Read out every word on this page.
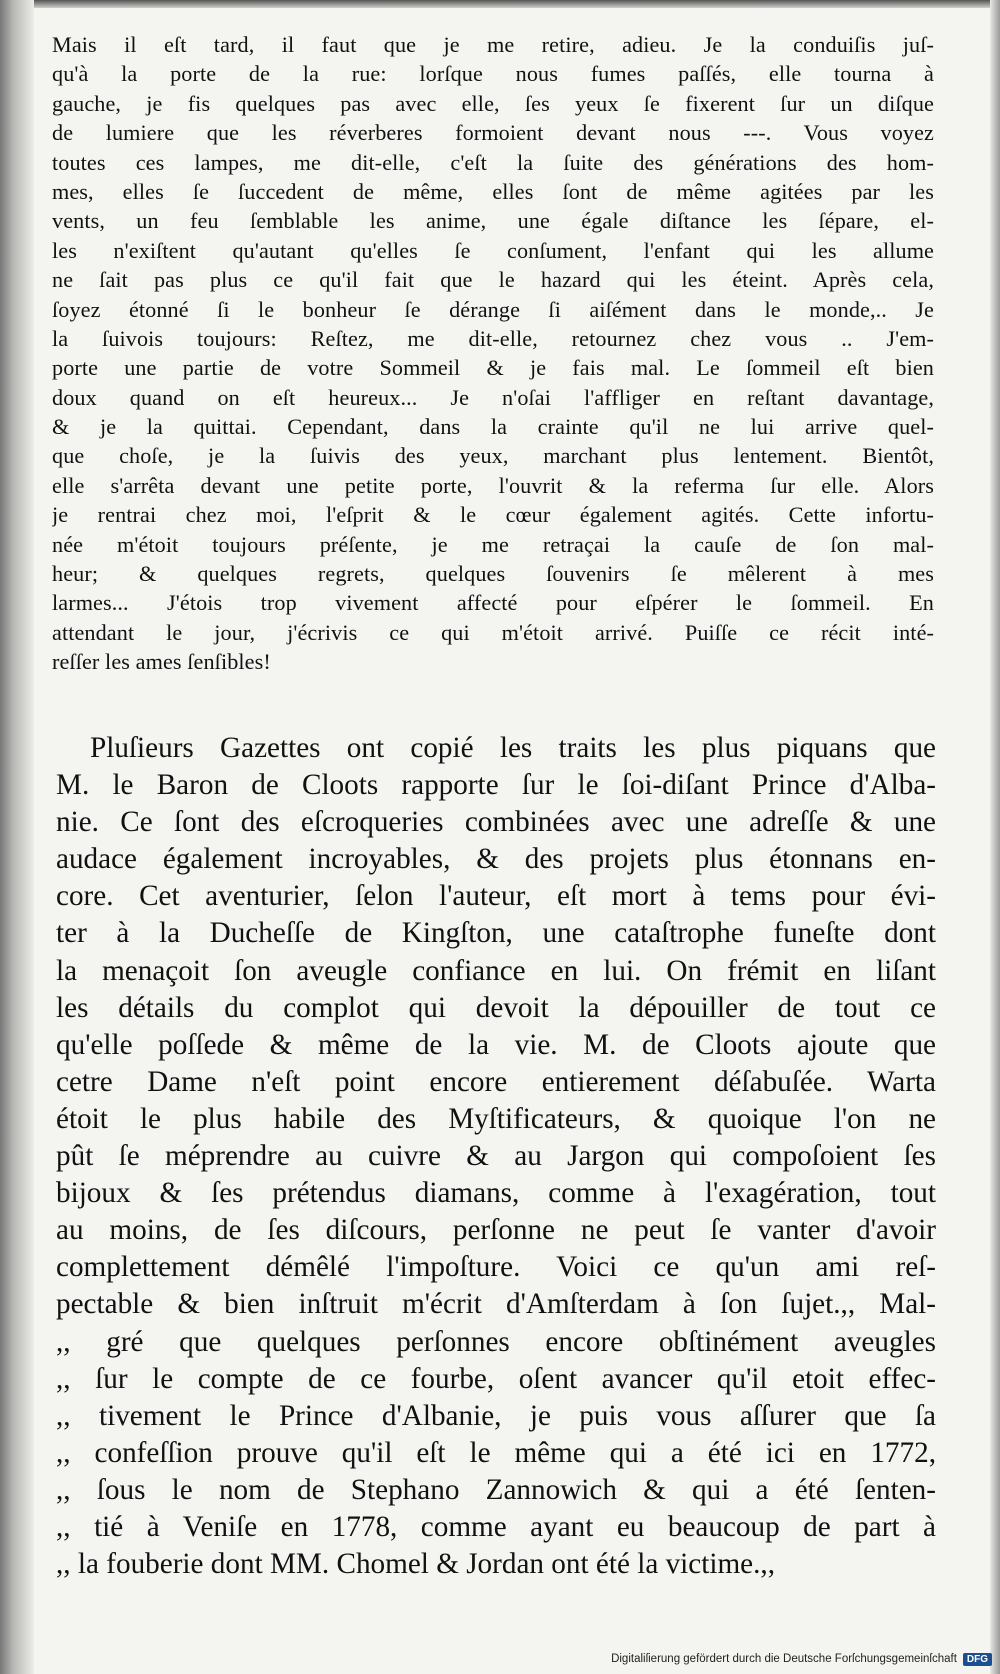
Mais il eſt tard, il faut que je me retire, adieu. Je la conduiſis juſ-
qu'à la porte de la rue: lorſque nous fumes paſſés, elle tourna à
gauche, je fis quelques pas avec elle, ſes yeux ſe fixerent ſur un diſque
de lumiere que les réverberes formoient devant nous ---. Vous voyez
toutes ces lampes, me dit-elle, c'eſt la ſuite des générations des hom-
mes, elles ſe ſuccedent de même, elles ſont de même agitées par les
vents, un feu ſemblable les anime, une égale diſtance les ſépare, el-
les n'exiſtent qu'autant qu'elles ſe conſument, l'enfant qui les allume
ne ſait pas plus ce qu'il fait que le hazard qui les éteint. Après cela,
ſoyez étonné ſi le bonheur ſe dérange ſi aiſément dans le monde,.. Je
la ſuivois toujours: Reſtez, me dit-elle, retournez chez vous .. J'em-
porte une partie de votre Sommeil & je fais mal. Le ſommeil eſt bien
doux quand on eſt heureux... Je n'oſai l'affliger en reſtant davantage,
& je la quittai. Cependant, dans la crainte qu'il ne lui arrive quel-
que choſe, je la ſuivis des yeux, marchant plus lentement. Bientôt,
elle s'arrêta devant une petite porte, l'ouvrit & la referma ſur elle. Alors
je rentrai chez moi, l'eſprit & le cœur également agités. Cette infortu-
née m'étoit toujours préſente, je me retraçai la cauſe de ſon mal-
heur; & quelques regrets, quelques ſouvenirs ſe mêlerent à mes
larmes... J'étois trop vivement affecté pour eſpérer le ſommeil. En
attendant le jour, j'écrivis ce qui m'étoit arrivé. Puiſſe ce récit inté-
reſſer les ames ſenſibles!
Pluſieurs Gazettes ont copié les traits les plus piquans que
M. le Baron de Cloots rapporte ſur le ſoi-diſant Prince d'Alba-
nie. Ce ſont des eſcroqueries combinées avec une adreſſe & une
audace également incroyables, & des projets plus étonnans en-
core. Cet aventurier, ſelon l'auteur, eſt mort à tems pour évi-
ter à la Ducheſſe de Kingſton, une cataſtrophe funeſte dont
la menaçoit ſon aveugle confiance en lui. On frémit en liſant
les détails du complot qui devoit la dépouiller de tout ce
qu'elle poſſede & même de la vie. M. de Cloots ajoute que
cetre Dame n'eſt point encore entierement déſabuſée. Warta
étoit le plus habile des Myſtificateurs, & quoique l'on ne
pût ſe méprendre au cuivre & au Jargon qui compoſoient ſes
bijoux & ſes prétendus diamans, comme à l'exagération, tout
au moins, de ſes diſcours, perſonne ne peut ſe vanter d'avoir
complettement démêlé l'impoſture. Voici ce qu'un ami reſ-
pectable & bien inſtruit m'écrit d'Amſterdam à ſon ſujet.,, Mal-
,, gré que quelques perſonnes encore obſtinément aveugles
,, ſur le compte de ce fourbe, oſent avancer qu'il etoit effec-
,, tivement le Prince d'Albanie, je puis vous aſſurer que ſa
,, confeſſion prouve qu'il eſt le même qui a été ici en 1772,
,, ſous le nom de Stephano Zannowich & qui a été ſenten-
,, tié à Veniſe en 1778, comme ayant eu beaucoup de part à
,, la fouberie dont MM. Chomel & Jordan ont été la victime.,,
Digitaliſierung gefördert durch die Deutsche Forſchungsgemeinſchaft	DFG
